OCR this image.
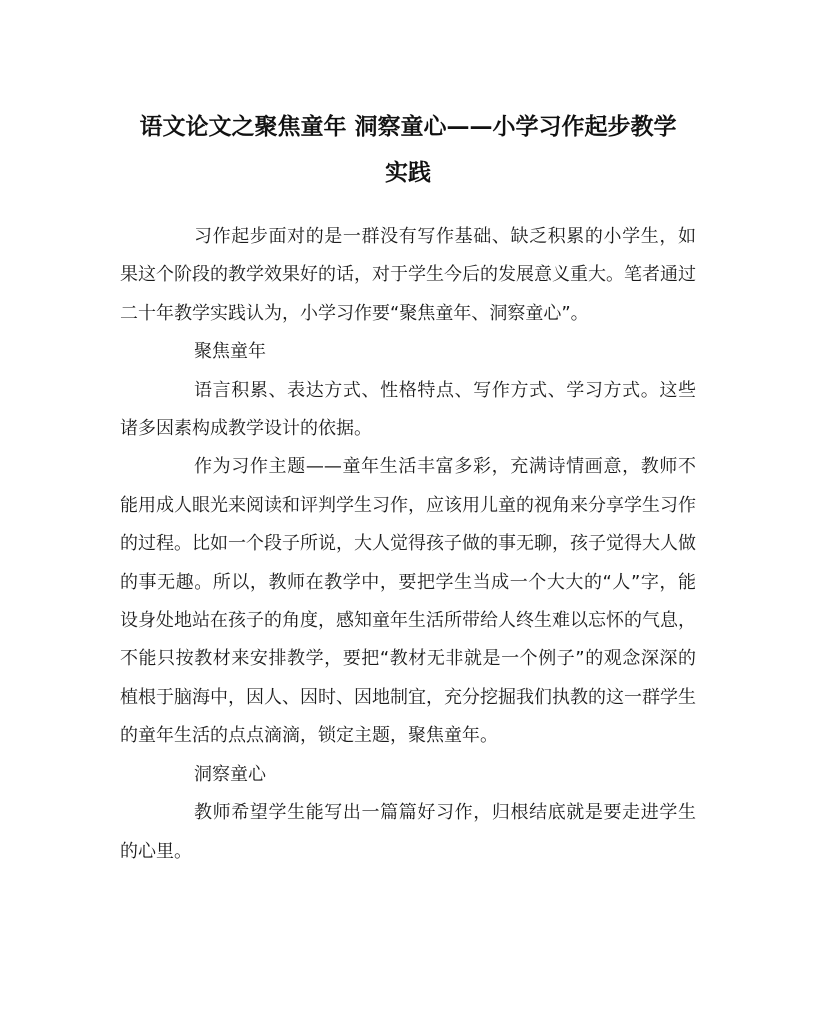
语文论文之聚焦童年 洞察童心——小学习作起步教学
实践

习作起步面对的是一群没有写作基础、缺乏积累的小学生，如果这个阶段的教学效果好的话，对于学生今后的发展意义重大。笔者通过二十年教学实践认为，小学习作要“聚焦童年、洞察童心”。

聚焦童年

语言积累、表达方式、性格特点、写作方式、学习方式。这些诸多因素构成教学设计的依据。

作为习作主题——童年生活丰富多彩，充满诗情画意，教师不能用成人眼光来阅读和评判学生习作，应该用儿童的视角来分享学生习作的过程。比如一个段子所说，大人觉得孩子做的事无聊，孩子觉得大人做的事无趣。所以，教师在教学中，要把学生当成一个大大的“人”字，能设身处地站在孩子的角度，感知童年生活所带给人终生难以忘怀的气息，不能只按教材来安排教学，要把“教材无非就是一个例子”的观念深深的植根于脑海中，因人、因时、因地制宜，充分挖掘我们执教的这一群学生的童年生活的点点滴滴，锁定主题，聚焦童年。

洞察童心

教师希望学生能写出一篇篇好习作，归根结底就是要走进学生的心里。
